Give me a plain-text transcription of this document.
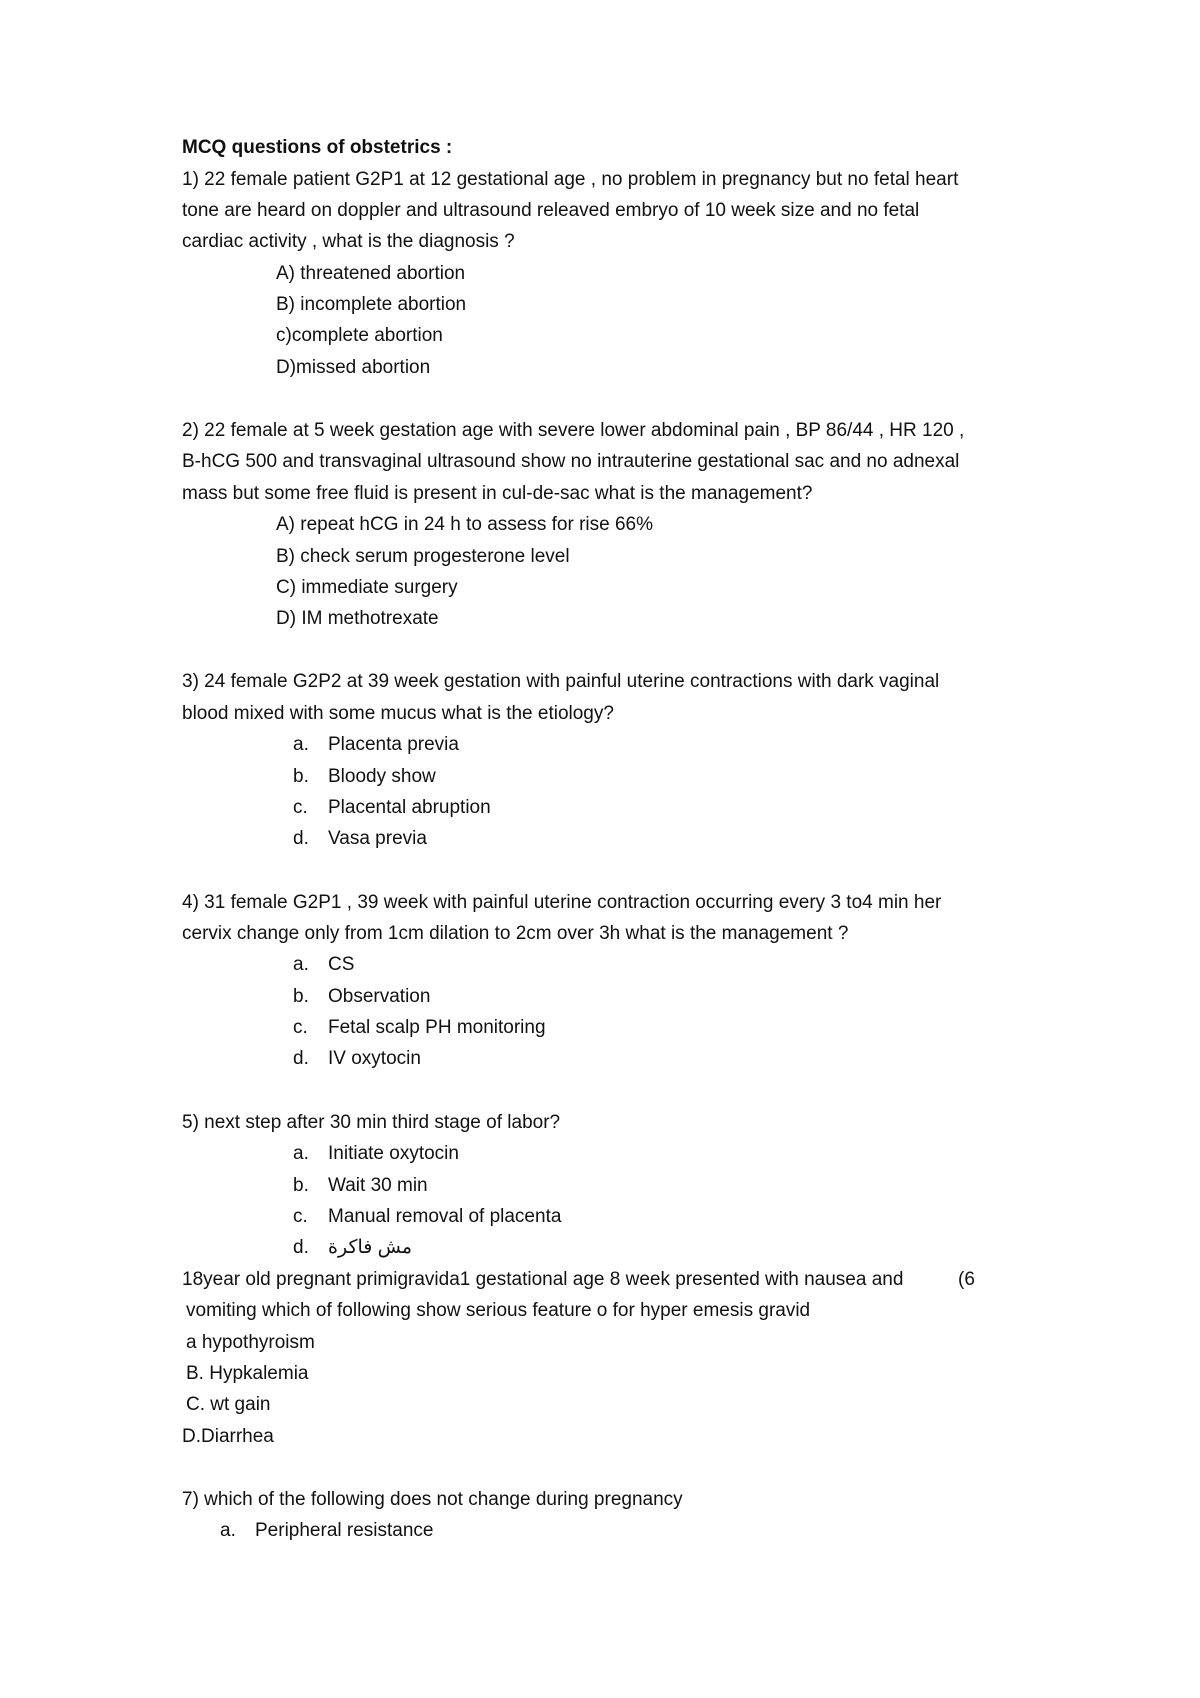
MCQ questions of obstetrics :
1) 22 female patient G2P1 at 12 gestational age , no problem in pregnancy but no fetal heart
tone are heard on doppler and ultrasound releaved embryo of 10 week size and no fetal
cardiac activity , what is the diagnosis ?
A) threatened abortion
B) incomplete abortion
c)complete abortion
D)missed abortion
2) 22 female at 5 week gestation age with severe lower abdominal pain , BP 86/44 , HR 120 ,
B-hCG 500 and transvaginal ultrasound show no intrauterine gestational sac and no adnexal
mass but some free fluid is present in cul-de-sac what is the management?
A) repeat hCG in 24 h to assess for rise 66%
B) check serum progesterone level
C) immediate surgery
D) IM methotrexate
3) 24 female G2P2 at 39 week gestation with painful uterine contractions with dark vaginal
blood mixed with some mucus what is the etiology?
a. Placenta previa
b. Bloody show
c. Placental abruption
d. Vasa previa
4) 31 female G2P1 , 39 week with painful uterine contraction occurring every 3 to4 min her
cervix change only from 1cm dilation to 2cm over 3h what is the management ?
a. CS
b. Observation
c. Fetal scalp PH monitoring
d. IV oxytocin
5) next step after 30 min third stage of labor?
a. Initiate oxytocin
b. Wait 30 min
c. Manual removal of placenta
d. مش فاكرة
18year old pregnant primigravida1 gestational age 8 week presented with nausea and	(6
vomiting which of following show serious feature o for hyper emesis gravid
a hypothyroism
B. Hypkalemia
C. wt gain
D.Diarrhea
7) which of the following does not change during pregnancy
a. Peripheral resistance
